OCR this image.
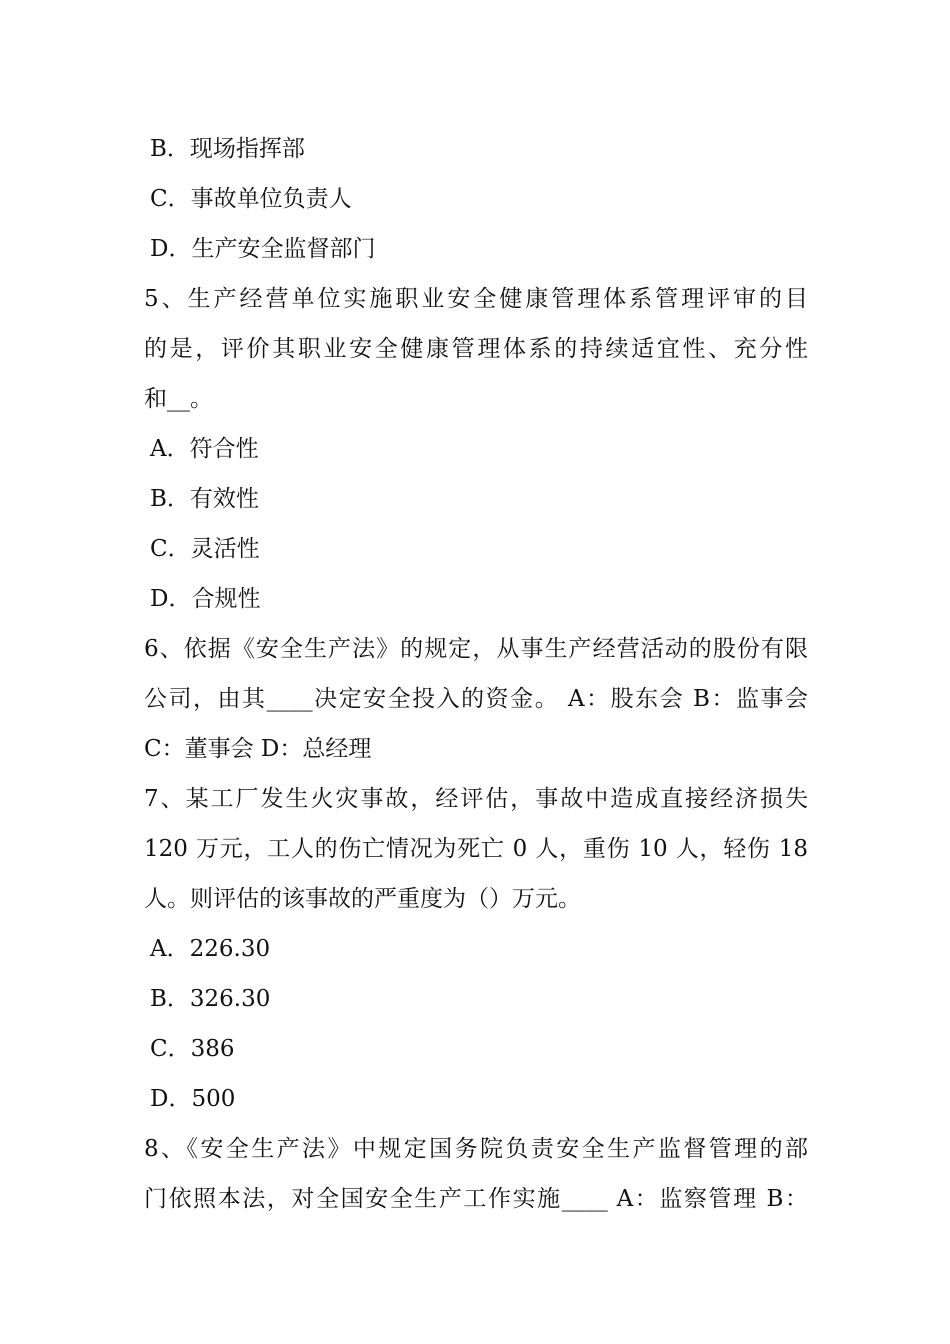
B．现场指挥部
C．事故单位负责人
D．生产安全监督部门
5、生产经营单位实施职业安全健康管理体系管理评审的目
的是，评价其职业安全健康管理体系的持续适宜性、充分性
和__。
A．符合性
B．有效性
C．灵活性
D．合规性
6、依据《安全生产法》的规定，从事生产经营活动的股份有限
公司，由其____决定安全投入的资金。 A：股东会 B：监事会
C：董事会 D：总经理
7、某工厂发生火灾事故，经评估，事故中造成直接经济损失
120 万元，工人的伤亡情况为死亡 0 人，重伤 10 人，轻伤 18
人。则评估的该事故的严重度为（）万元。
A．226.30
B．326.30
C．386
D．500
8、《安全生产法》中规定国务院负责安全生产监督管理的部
门依照本法，对全国安全生产工作实施____ A：监察管理 B：
